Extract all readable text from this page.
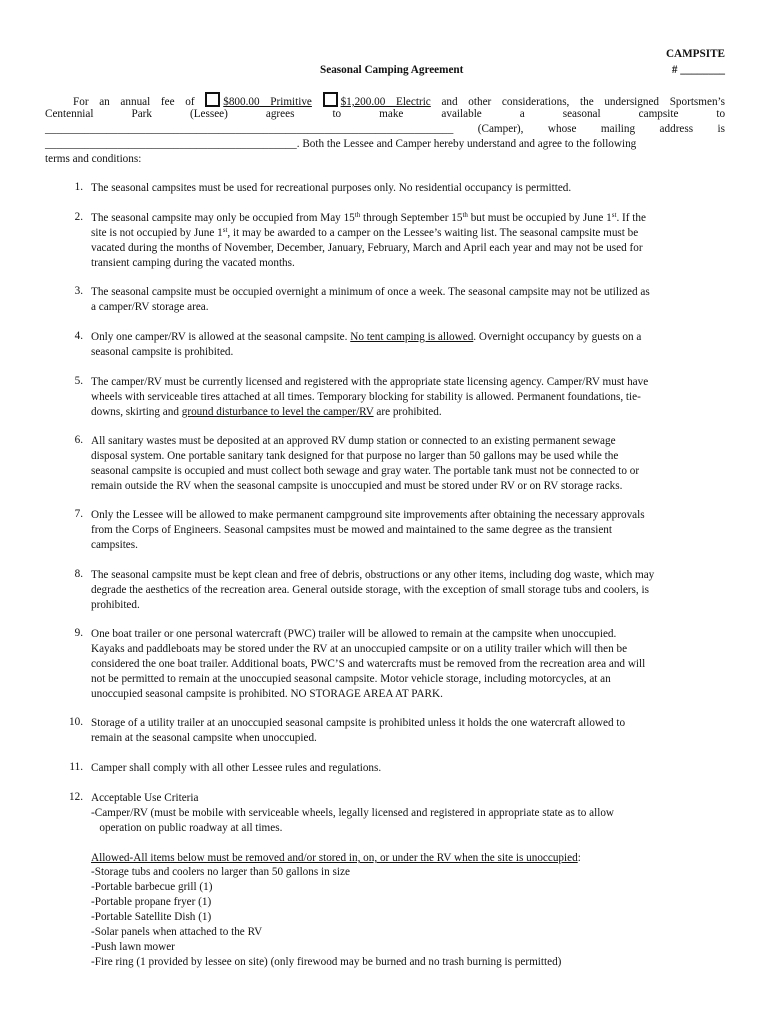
CAMPSITE
# ________
Seasonal Camping Agreement
For an annual fee of	$800.00 Primitive	$1,200.00 Electric and other considerations, the undersigned Sportsmen’s
Centennial	Park	(Lessee)	agrees	to	make	available	a	seasonal	campsite	to
_________________________________________________________________________ (Camper), whose mailing address is
_____________________________________________. Both the Lessee and Camper hereby understand and agree to the following
terms and conditions:
1. The seasonal campsites must be used for recreational purposes only. No residential occupancy is permitted.
2. The seasonal campsite may only be occupied from May 15th through September 15th but must be occupied by June 1st. If the
site is not occupied by June 1st, it may be awarded to a camper on the Lessee’s waiting list. The seasonal campsite must be
vacated during the months of November, December, January, February, March and April each year and may not be used for
transient camping during the vacated months.
3. The seasonal campsite must be occupied overnight a minimum of once a week. The seasonal campsite may not be utilized as
a camper/RV storage area.
4. Only one camper/RV is allowed at the seasonal campsite. No tent camping is allowed. Overnight occupancy by guests on a
seasonal campsite is prohibited.
5. The camper/RV must be currently licensed and registered with the appropriate state licensing agency. Camper/RV must have
wheels with serviceable tires attached at all times. Temporary blocking for stability is allowed. Permanent foundations, tie-
downs, skirting and ground disturbance to level the camper/RV are prohibited.
6. All sanitary wastes must be deposited at an approved RV dump station or connected to an existing permanent sewage
disposal system. One portable sanitary tank designed for that purpose no larger than 50 gallons may be used while the
seasonal campsite is occupied and must collect both sewage and gray water. The portable tank must not be connected to or
remain outside the RV when the seasonal campsite is unoccupied and must be stored under RV or on RV storage racks.
7. Only the Lessee will be allowed to make permanent campground site improvements after obtaining the necessary approvals
from the Corps of Engineers. Seasonal campsites must be mowed and maintained to the same degree as the transient
campsites.
8. The seasonal campsite must be kept clean and free of debris, obstructions or any other items, including dog waste, which may
degrade the aesthetics of the recreation area. General outside storage, with the exception of small storage tubs and coolers, is
prohibited.
9. One boat trailer or one personal watercraft (PWC) trailer will be allowed to remain at the campsite when unoccupied.
Kayaks and paddleboats may be stored under the RV at an unoccupied campsite or on a utility trailer which will then be
considered the one boat trailer. Additional boats, PWC’S and watercrafts must be removed from the recreation area and will
not be permitted to remain at the unoccupied seasonal campsite. Motor vehicle storage, including motorcycles, at an
unoccupied seasonal campsite is prohibited. NO STORAGE AREA AT PARK.
10. Storage of a utility trailer at an unoccupied seasonal campsite is prohibited unless it holds the one watercraft allowed to
remain at the seasonal campsite when unoccupied.
11. Camper shall comply with all other Lessee rules and regulations.
12. Acceptable Use Criteria
-Camper/RV (must be mobile with serviceable wheels, legally licensed and registered in appropriate state as to allow
operation on public roadway at all times.
Allowed-All items below must be removed and/or stored in, on, or under the RV when the site is unoccupied:
-Storage tubs and coolers no larger than 50 gallons in size
-Portable barbecue grill (1)
-Portable propane fryer (1)
-Portable Satellite Dish (1)
-Solar panels when attached to the RV
-Push lawn mower
-Fire ring (1 provided by lessee on site) (only firewood may be burned and no trash burning is permitted)
